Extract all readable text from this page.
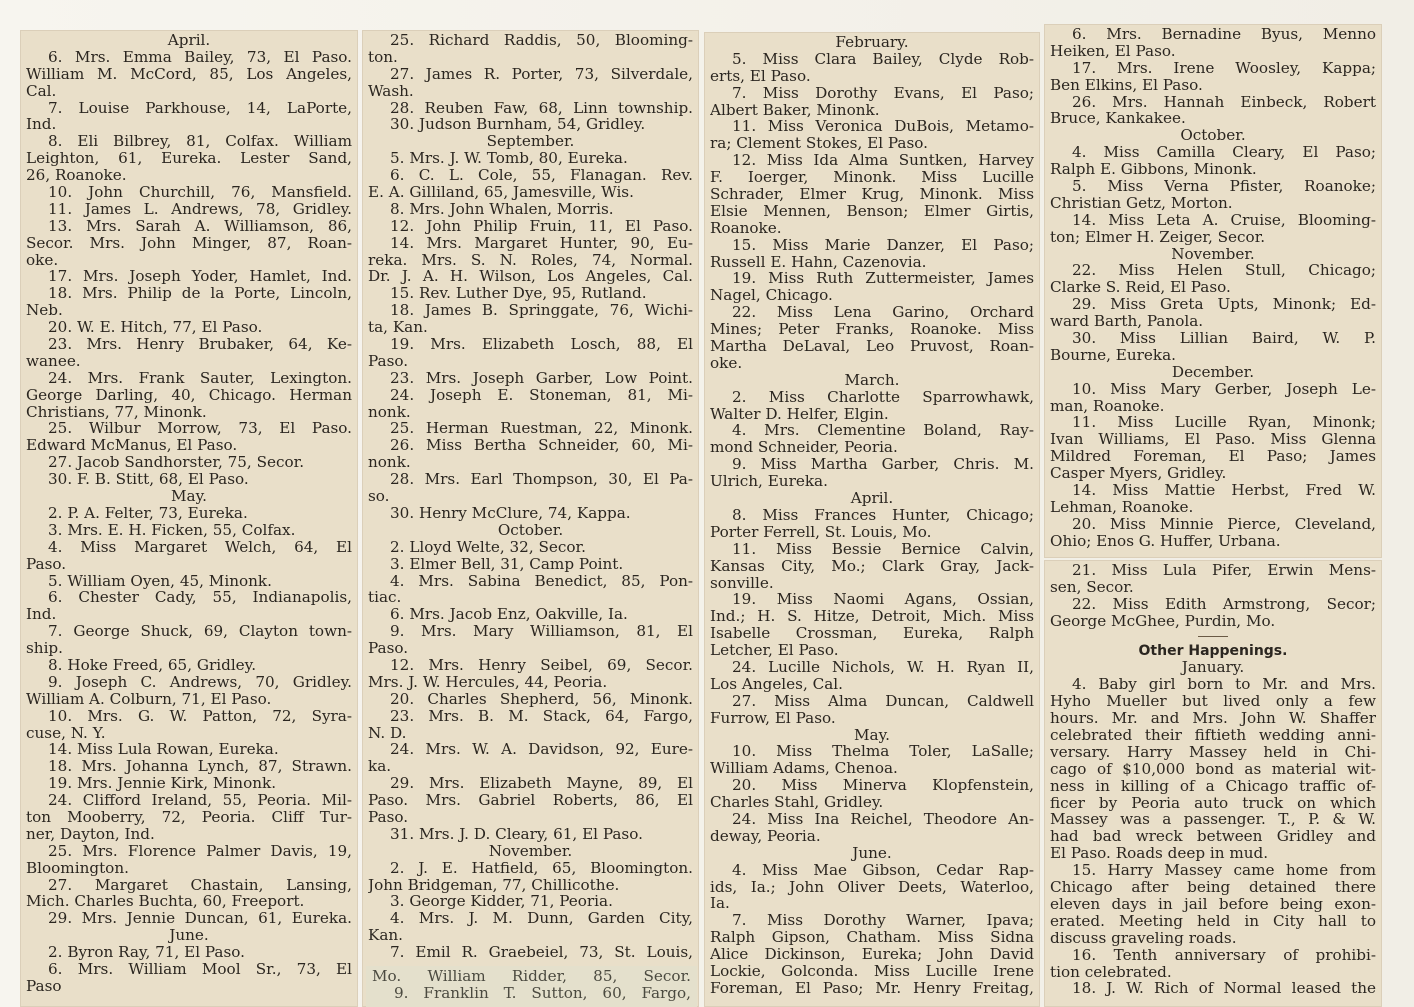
April.
6. Mrs. Emma Bailey, 73, El Paso.
William M. McCord, 85, Los Angeles,
Cal.
7. Louise Parkhouse, 14, LaPorte,
Ind.
8. Eli Bilbrey, 81, Colfax. William
Leighton, 61, Eureka. Lester Sand,
26, Roanoke.
10. John Churchill, 76, Mansfield.
11. James L. Andrews, 78, Gridley.
13. Mrs. Sarah A. Williamson, 86,
Secor. Mrs. John Minger, 87, Roan-
oke.
17. Mrs. Joseph Yoder, Hamlet, Ind.
18. Mrs. Philip de la Porte, Lincoln,
Neb.
20. W. E. Hitch, 77, El Paso.
23. Mrs. Henry Brubaker, 64, Ke-
wanee.
24. Mrs. Frank Sauter, Lexington.
George Darling, 40, Chicago. Herman
Christians, 77, Minonk.
25. Wilbur Morrow, 73, El Paso.
Edward McManus, El Paso.
27. Jacob Sandhorster, 75, Secor.
30. F. B. Stitt, 68, El Paso.
May.
2. P. A. Felter, 73, Eureka.
3. Mrs. E. H. Ficken, 55, Colfax.
4. Miss Margaret Welch, 64, El
Paso.
5. William Oyen, 45, Minonk.
6. Chester Cady, 55, Indianapolis,
Ind.
7. George Shuck, 69, Clayton town-
ship.
8. Hoke Freed, 65, Gridley.
9. Joseph C. Andrews, 70, Gridley.
William A. Colburn, 71, El Paso.
10. Mrs. G. W. Patton, 72, Syra-
cuse, N. Y.
14. Miss Lula Rowan, Eureka.
18. Mrs. Johanna Lynch, 87, Strawn.
19. Mrs. Jennie Kirk, Minonk.
24. Clifford Ireland, 55, Peoria. Mil-
ton Mooberry, 72, Peoria. Cliff Tur-
ner, Dayton, Ind.
25. Mrs. Florence Palmer Davis, 19,
Bloomington.
27. Margaret Chastain, Lansing,
Mich. Charles Buchta, 60, Freeport.
29. Mrs. Jennie Duncan, 61, Eureka.
June.
2. Byron Ray, 71, El Paso.
6. Mrs. William Mool Sr., 73, El
Paso
25. Richard Raddis, 50, Blooming-
ton.
27. James R. Porter, 73, Silverdale,
Wash.
28. Reuben Faw, 68, Linn township.
30. Judson Burnham, 54, Gridley.
September.
5. Mrs. J. W. Tomb, 80, Eureka.
6. C. L. Cole, 55, Flanagan. Rev.
E. A. Gilliland, 65, Jamesville, Wis.
8. Mrs. John Whalen, Morris.
12. John Philip Fruin, 11, El Paso.
14. Mrs. Margaret Hunter, 90, Eu-
reka. Mrs. S. N. Roles, 74, Normal.
Dr. J. A. H. Wilson, Los Angeles, Cal.
15. Rev. Luther Dye, 95, Rutland.
18. James B. Springgate, 76, Wichi-
ta, Kan.
19. Mrs. Elizabeth Losch, 88, El
Paso.
23. Mrs. Joseph Garber, Low Point.
24. Joseph E. Stoneman, 81, Mi-
nonk.
25. Herman Ruestman, 22, Minonk.
26. Miss Bertha Schneider, 60, Mi-
nonk.
28. Mrs. Earl Thompson, 30, El Pa-
so.
30. Henry McClure, 74, Kappa.
October.
2. Lloyd Welte, 32, Secor.
3. Elmer Bell, 31, Camp Point.
4. Mrs. Sabina Benedict, 85, Pon-
tiac.
6. Mrs. Jacob Enz, Oakville, Ia.
9. Mrs. Mary Williamson, 81, El
Paso.
12. Mrs. Henry Seibel, 69, Secor.
Mrs. J. W. Hercules, 44, Peoria.
20. Charles Shepherd, 56, Minonk.
23. Mrs. B. M. Stack, 64, Fargo,
N. D.
24. Mrs. W. A. Davidson, 92, Eure-
ka.
29. Mrs. Elizabeth Mayne, 89, El
Paso. Mrs. Gabriel Roberts, 86, El
Paso.
31. Mrs. J. D. Cleary, 61, El Paso.
November.
2. J. E. Hatfield, 65, Bloomington.
John Bridgeman, 77, Chillicothe.
3. George Kidder, 71, Peoria.
4. Mrs. J. M. Dunn, Garden City,
Kan.
7. Emil R. Graebeiel, 73, St. Louis,
Mo. William Ridder, 85, Secor.
9. Franklin T. Sutton, 60, Fargo,
February.
5. Miss Clara Bailey, Clyde Rob-
erts, El Paso.
7. Miss Dorothy Evans, El Paso;
Albert Baker, Minonk.
11. Miss Veronica DuBois, Metamo-
ra; Clement Stokes, El Paso.
12. Miss Ida Alma Suntken, Harvey
F. Ioerger, Minonk. Miss Lucille
Schrader, Elmer Krug, Minonk. Miss
Elsie Mennen, Benson; Elmer Girtis,
Roanoke.
15. Miss Marie Danzer, El Paso;
Russell E. Hahn, Cazenovia.
19. Miss Ruth Zuttermeister, James
Nagel, Chicago.
22. Miss Lena Garino, Orchard
Mines; Peter Franks, Roanoke. Miss
Martha DeLaval, Leo Pruvost, Roan-
oke.
March.
2. Miss Charlotte Sparrowhawk,
Walter D. Helfer, Elgin.
4. Mrs. Clementine Boland, Ray-
mond Schneider, Peoria.
9. Miss Martha Garber, Chris. M.
Ulrich, Eureka.
April.
8. Miss Frances Hunter, Chicago;
Porter Ferrell, St. Louis, Mo.
11. Miss Bessie Bernice Calvin,
Kansas City, Mo.; Clark Gray, Jack-
sonville.
19. Miss Naomi Agans, Ossian,
Ind.; H. S. Hitze, Detroit, Mich. Miss
Isabelle Crossman, Eureka, Ralph
Letcher, El Paso.
24. Lucille Nichols, W. H. Ryan II,
Los Angeles, Cal.
27. Miss Alma Duncan, Caldwell
Furrow, El Paso.
May.
10. Miss Thelma Toler, LaSalle;
William Adams, Chenoa.
20. Miss Minerva Klopfenstein,
Charles Stahl, Gridley.
24. Miss Ina Reichel, Theodore An-
deway, Peoria.
June.
4. Miss Mae Gibson, Cedar Rap-
ids, Ia.; John Oliver Deets, Waterloo,
Ia.
7. Miss Dorothy Warner, Ipava;
Ralph Gipson, Chatham. Miss Sidna
Alice Dickinson, Eureka; John David
Lockie, Golconda. Miss Lucille Irene
Foreman, El Paso; Mr. Henry Freitag,
6. Mrs. Bernadine Byus, Menno
Heiken, El Paso.
17. Mrs. Irene Woosley, Kappa;
Ben Elkins, El Paso.
26. Mrs. Hannah Einbeck, Robert
Bruce, Kankakee.
October.
4. Miss Camilla Cleary, El Paso;
Ralph E. Gibbons, Minonk.
5. Miss Verna Pfister, Roanoke;
Christian Getz, Morton.
14. Miss Leta A. Cruise, Blooming-
ton; Elmer H. Zeiger, Secor.
November.
22. Miss Helen Stull, Chicago;
Clarke S. Reid, El Paso.
29. Miss Greta Upts, Minonk; Ed-
ward Barth, Panola.
30. Miss Lillian Baird, W. P.
Bourne, Eureka.
December.
10. Miss Mary Gerber, Joseph Le-
man, Roanoke.
11. Miss Lucille Ryan, Minonk;
Ivan Williams, El Paso. Miss Glenna
Mildred Foreman, El Paso; James
Casper Myers, Gridley.
14. Miss Mattie Herbst, Fred W.
Lehman, Roanoke.
20. Miss Minnie Pierce, Cleveland,
Ohio; Enos G. Huffer, Urbana.
21. Miss Lula Pifer, Erwin Mens-
sen, Secor.
22. Miss Edith Armstrong, Secor;
George McGhee, Purdin, Mo.
Other Happenings.
January.
4. Baby girl born to Mr. and Mrs.
Hyho Mueller but lived only a few
hours. Mr. and Mrs. John W. Shaffer
celebrated their fiftieth wedding anni-
versary. Harry Massey held in Chi-
cago of $10,000 bond as material wit-
ness in killing of a Chicago traffic of-
ficer by Peoria auto truck on which
Massey was a passenger. T., P. & W.
had bad wreck between Gridley and
El Paso. Roads deep in mud.
15. Harry Massey came home from
Chicago after being detained there
eleven days in jail before being exon-
erated. Meeting held in City hall to
discuss graveling roads.
16. Tenth anniversary of prohibi-
tion celebrated.
18. J. W. Rich of Normal leased the
